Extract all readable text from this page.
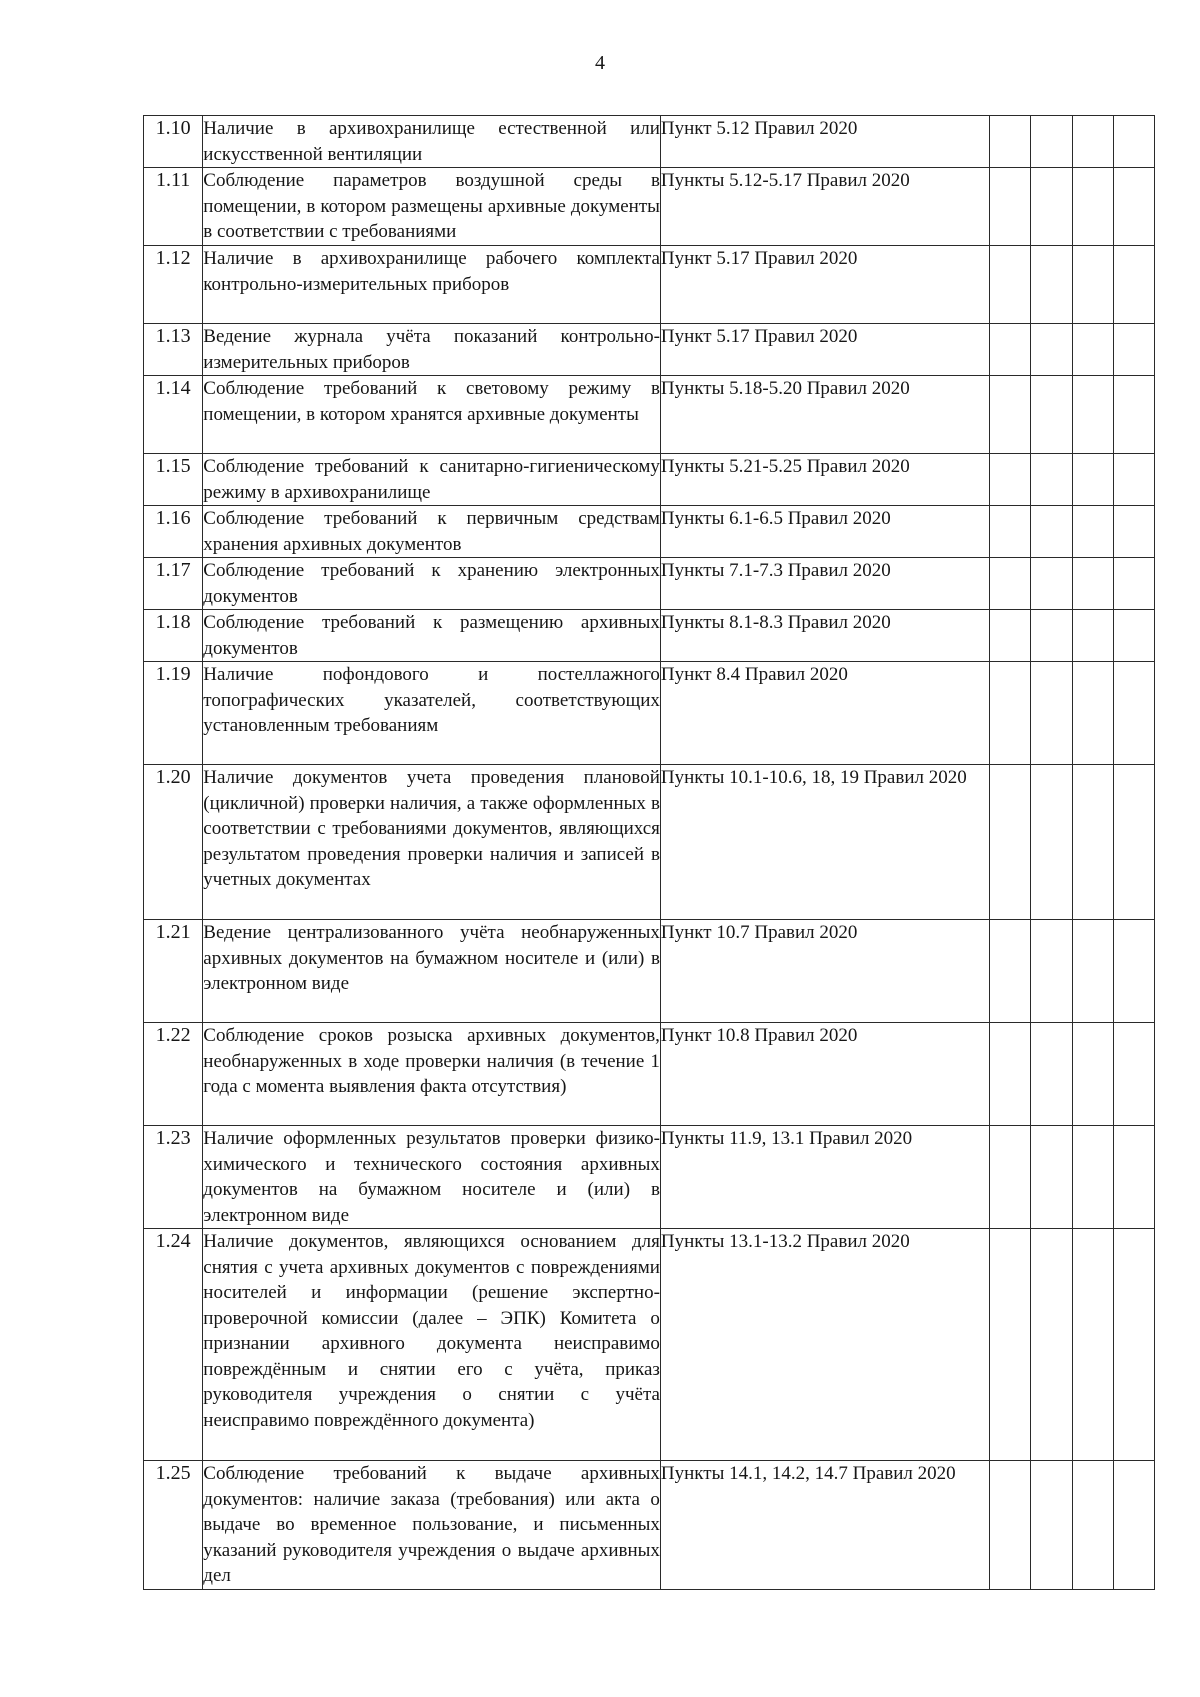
4
1.10	Наличие в архивохранилище естественной или искусственной вентиляции	Пункт 5.12 Правил 2020				
1.11	Соблюдение параметров воздушной среды в помещении, в котором размещены архивные документы в соответствии с требованиями	Пункты 5.12-5.17 Правил 2020				
1.12	Наличие в архивохранилище рабочего комплекта контрольно-измерительных приборов	Пункт 5.17 Правил 2020				
1.13	Ведение журнала учёта показаний контрольно-измерительных приборов	Пункт 5.17 Правил 2020				
1.14	Соблюдение требований к световому режиму в помещении, в котором хранятся архивные документы	Пункты 5.18-5.20 Правил 2020				
1.15	Соблюдение требований к санитарно-гигиеническому режиму в архивохранилище	Пункты 5.21-5.25 Правил 2020				
1.16	Соблюдение требований к первичным средствам хранения архивных документов	Пункты 6.1-6.5 Правил 2020				
1.17	Соблюдение требований к хранению электронных документов	Пункты 7.1-7.3 Правил 2020				
1.18	Соблюдение требований к размещению архивных документов	Пункты 8.1-8.3 Правил 2020				
1.19	Наличие пофондового и постеллажного топографических указателей, соответствующих установленным требованиям	Пункт 8.4 Правил 2020				
1.20	Наличие документов учета проведения плановой (цикличной) проверки наличия, а также оформленных в соответствии с требованиями документов, являющихся результатом проведения проверки наличия и записей в учетных документах	Пункты 10.1-10.6, 18, 19 Правил 2020				
1.21	Ведение централизованного учёта необнаруженных архивных документов на бумажном носителе и (или) в электронном виде	Пункт 10.7 Правил 2020				
1.22	Соблюдение сроков розыска архивных документов, необнаруженных в ходе проверки наличия (в течение 1 года с момента выявления факта отсутствия)	Пункт 10.8 Правил 2020				
1.23	Наличие оформленных результатов проверки физико-химического и технического состояния архивных документов на бумажном носителе и (или) в электронном виде	Пункты 11.9, 13.1 Правил 2020				
1.24	Наличие документов, являющихся основанием для снятия с учета архивных документов с повреждениями носителей и информации (решение экспертно-проверочной комиссии (далее – ЭПК) Комитета о признании архивного документа неисправимо повреждённым и снятии его с учёта, приказ руководителя учреждения о снятии с учёта неисправимо повреждённого документа)	Пункты 13.1-13.2 Правил 2020				
1.25	Соблюдение требований к выдаче архивных документов: наличие заказа (требования) или акта о выдаче во временное пользование, и письменных указаний руководителя учреждения о выдаче архивных дел	Пункты 14.1, 14.2, 14.7 Правил 2020				
